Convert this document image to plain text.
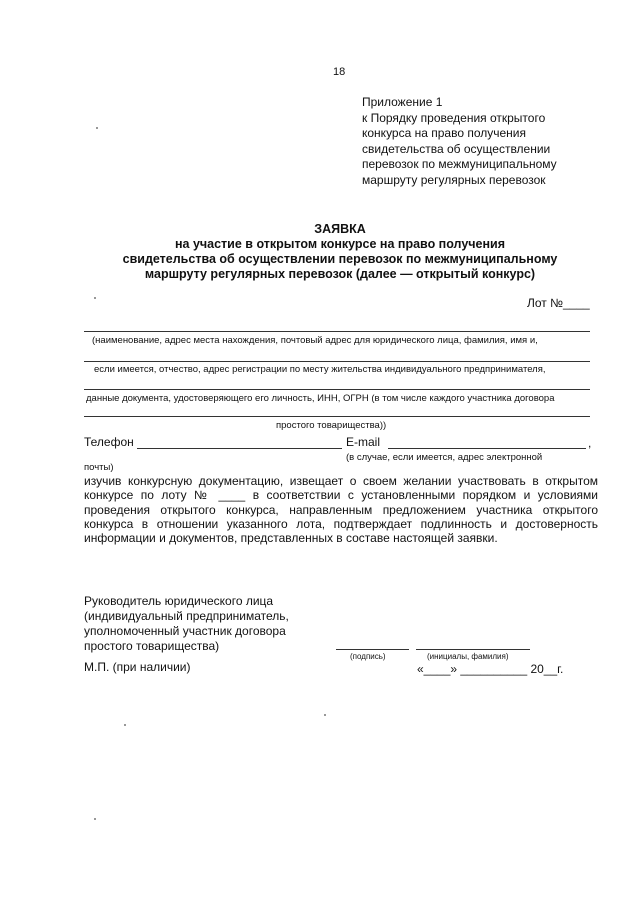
18
Приложение 1
к Порядку проведения открытого
конкурса на право получения
свидетельства об осуществлении
перевозок по межмуниципальному
маршруту регулярных перевозок
ЗАЯВКА
на участие в открытом конкурсе на право получения
свидетельства об осуществлении перевозок по межмуниципальному
маршруту регулярных перевозок (далее — открытый конкурс)
Лот №____
(наименование, адрес места нахождения, почтовый адрес для юридического лица, фамилия, имя и,
если имеется, отчество, адрес регистрации по месту жительства индивидуального предпринимателя,
данные документа, удостоверяющего его личность, ИНН, ОГРН (в том числе каждого участника договора
простого товарищества))
Телефон	E-mail	,
(в случае, если имеется, адрес электронной
почты)
изучив конкурсную документацию, извещает о своем желании участвовать в открытом конкурсе по лоту № ____ в соответствии с установленными порядком и условиями проведения открытого конкурса, направленным предложением участника открытого конкурса в отношении указанного лота, подтверждает подлинность и достоверность информации и документов, представленных в составе настоящей заявки.
Руководитель юридического лица
(индивидуальный предприниматель,
уполномоченный участник договора
простого товарищества)
(подпись)	(инициалы, фамилия)
М.П. (при наличии)	«____» __________ 20__г.
